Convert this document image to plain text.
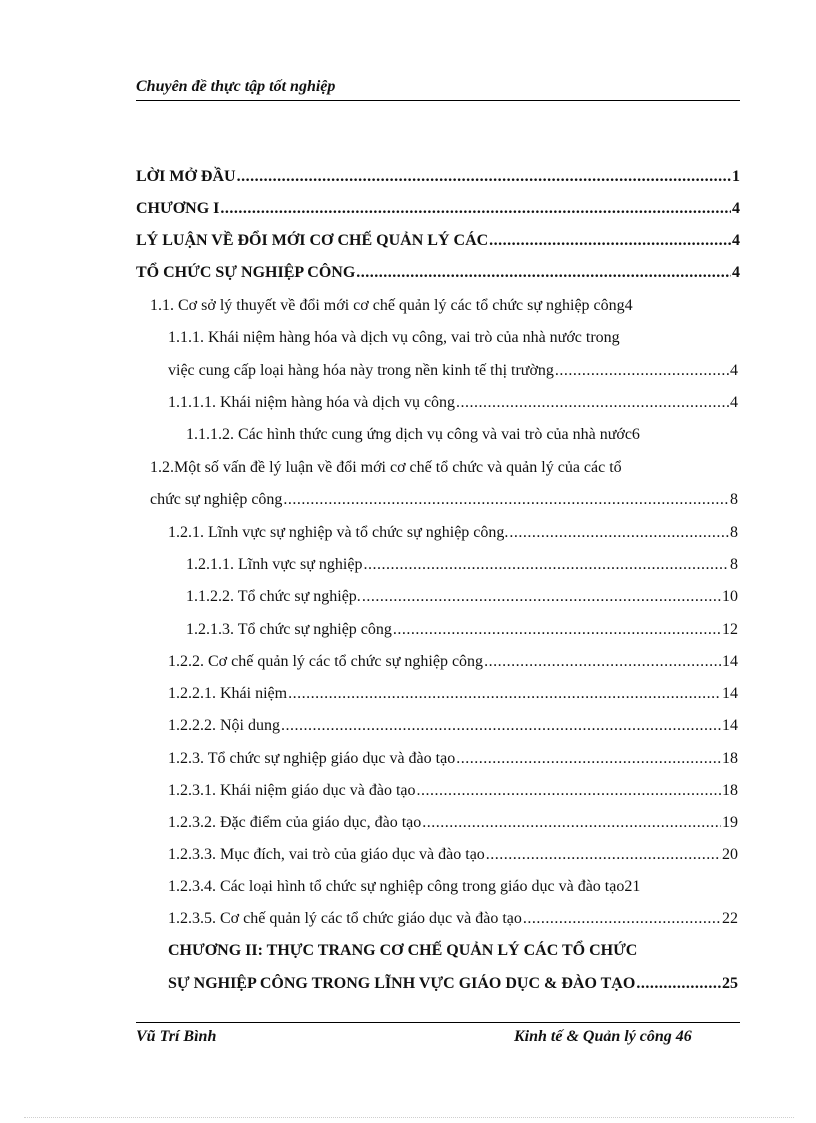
Chuyên đề thực tập tốt nghiệp
LỜI MỞ ĐẦU .....	1
CHƯƠNG I .....	4
LÝ LUẬN VỀ ĐỔI MỚI CƠ CHẾ QUẢN LÝ CÁC .....	4
TỔ CHỨC SỰ NGHIỆP CÔNG .....	4
1.1. Cơ sở lý thuyết về đổi mới cơ chế quản lý các tổ chức sự nghiệp công 4
1.1.1. Khái niệm hàng hóa và dịch vụ công, vai trò của nhà nước trong
việc cung cấp loại hàng hóa này trong nền kinh tế thị trường .....	4
1.1.1.1. Khái niệm hàng hóa và dịch vụ công .....	4
1.1.1.2. Các hình thức cung ứng dịch vụ công và vai trò của nhà nước 6
1.2.Một số vấn đề lý luận về đổi mới cơ chế tổ chức và quản lý của các tổ
chức sự nghiệp công .....	8
1.2.1. Lĩnh vực sự nghiệp và tổ chức sự nghiệp công. .....	8
1.2.1.1. Lĩnh vực sự nghiệp .....	8
1.1.2.2. Tổ chức sự nghiệp. .....	10
1.2.1.3. Tổ chức sự nghiệp công .....	12
1.2.2. Cơ chế quản lý các tổ chức sự nghiệp công .....	14
1.2.2.1. Khái niệm .....	14
1.2.2.2. Nội dung .....	14
1.2.3. Tổ chức sự nghiệp giáo dục và đào tạo .....	18
1.2.3.1. Khái niệm giáo dục và đào tạo .....	18
1.2.3.2. Đặc điểm của giáo dục, đào tạo .....	19
1.2.3.3. Mục đích, vai trò của giáo dục và đào tạo .....	20
1.2.3.4. Các loại hình tổ chức sự nghiệp công trong giáo dục và đào tạo 21
1.2.3.5. Cơ chế quản lý các tổ chức giáo dục và đào tạo .....	22
CHƯƠNG II: THỰC TRANG CƠ CHẾ QUẢN LÝ CÁC TỔ CHỨC
SỰ NGHIỆP CÔNG TRONG LĨNH VỰC GIÁO DỤC & ĐÀO TẠO .....	25
Vũ Trí Bình	Kinh tế & Quản lý công 46
